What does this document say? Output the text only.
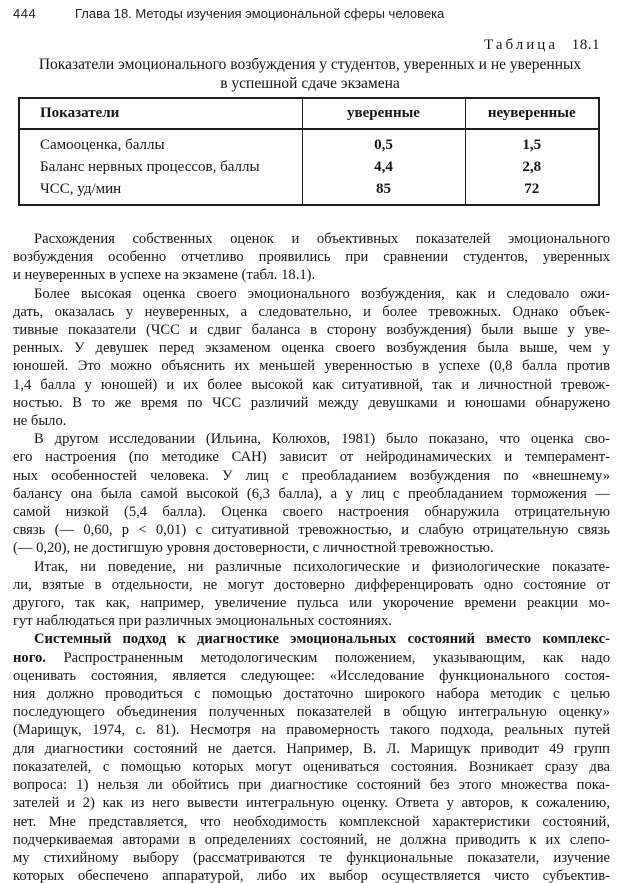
444	Глава 18. Методы изучения эмоциональной сферы человека
Таблица 18.1
Показатели эмоционального возбуждения у студентов, уверенных и не уверенных
в успешной сдаче экзамена
Показатели	уверенные	неуверенные
Самооценка, баллы	0,5	1,5
Баланс нервных процессов, баллы	4,4	2,8
ЧСС, уд/мин	85	72
Расхождения собственных оценок и объективных показателей эмоционального
возбуждения особенно отчетливо проявились при сравнении студентов, уверенных
и неуверенных в успехе на экзамене (табл. 18.1).
Более высокая оценка своего эмоционального возбуждения, как и следовало ожи-
дать, оказалась у неуверенных, а следовательно, и более тревожных. Однако объек-
тивные показатели (ЧСС и сдвиг баланса в сторону возбуждения) были выше у уве-
ренных. У девушек перед экзаменом оценка своего возбуждения была выше, чем у
юношей. Это можно объяснить их меньшей уверенностью в успехе (0,8 балла против
1,4 балла у юношей) и их более высокой как ситуативной, так и личностной тревож-
ностью. В то же время по ЧСС различий между девушками и юношами обнаружено
не было.
В другом исследовании (Ильина, Колюхов, 1981) было показано, что оценка сво-
его настроения (по методике САН) зависит от нейродинамических и темперамент-
ных особенностей человека. У лиц с преобладанием возбуждения по «внешнему»
балансу она была самой высокой (6,3 балла), а у лиц с преобладанием торможения —
самой низкой (5,4 балла). Оценка своего настроения обнаружила отрицательную
связь (— 0,60, p < 0,01) с ситуативной тревожностью, и слабую отрицательную связь
(— 0,20), не достигшую уровня достоверности, с личностной тревожностью.
Итак, ни поведение, ни различные психологические и физиологические показате-
ли, взятые в отдельности, не могут достоверно дифференцировать одно состояние от
другого, так как, например, увеличение пульса или укорочение времени реакции мо-
гут наблюдаться при различных эмоциональных состояниях.
Системный подход к диагностике эмоциональных состояний вместо комплекс-
ного. Распространенным методологическим положением, указывающим, как надо
оценивать состояния, является следующее: «Исследование функционального состоя-
ния должно проводиться с помощью достаточно широкого набора методик с целью
последующего объединения полученных показателей в общую интегральную оценку»
(Марищук, 1974, с. 81). Несмотря на правомерность такого подхода, реальных путей
для диагностики состояний не дается. Например, В. Л. Марищук приводит 49 групп
показателей, с помощью которых могут оцениваться состояния. Возникает сразу два
вопроса: 1) нельзя ли обойтись при диагностике состояний без этого множества пока-
зателей и 2) как из него вывести интегральную оценку. Ответа у авторов, к сожалению,
нет. Мне представляется, что необходимость комплексной характеристики состояний,
подчеркиваемая авторами в определениях состояний, не должна приводить к их слепо-
му стихийному выбору (рассматриваются те функциональные показатели, изучение
которых обеспечено аппаратурой, либо их выбор осуществляется чисто субъектив-
